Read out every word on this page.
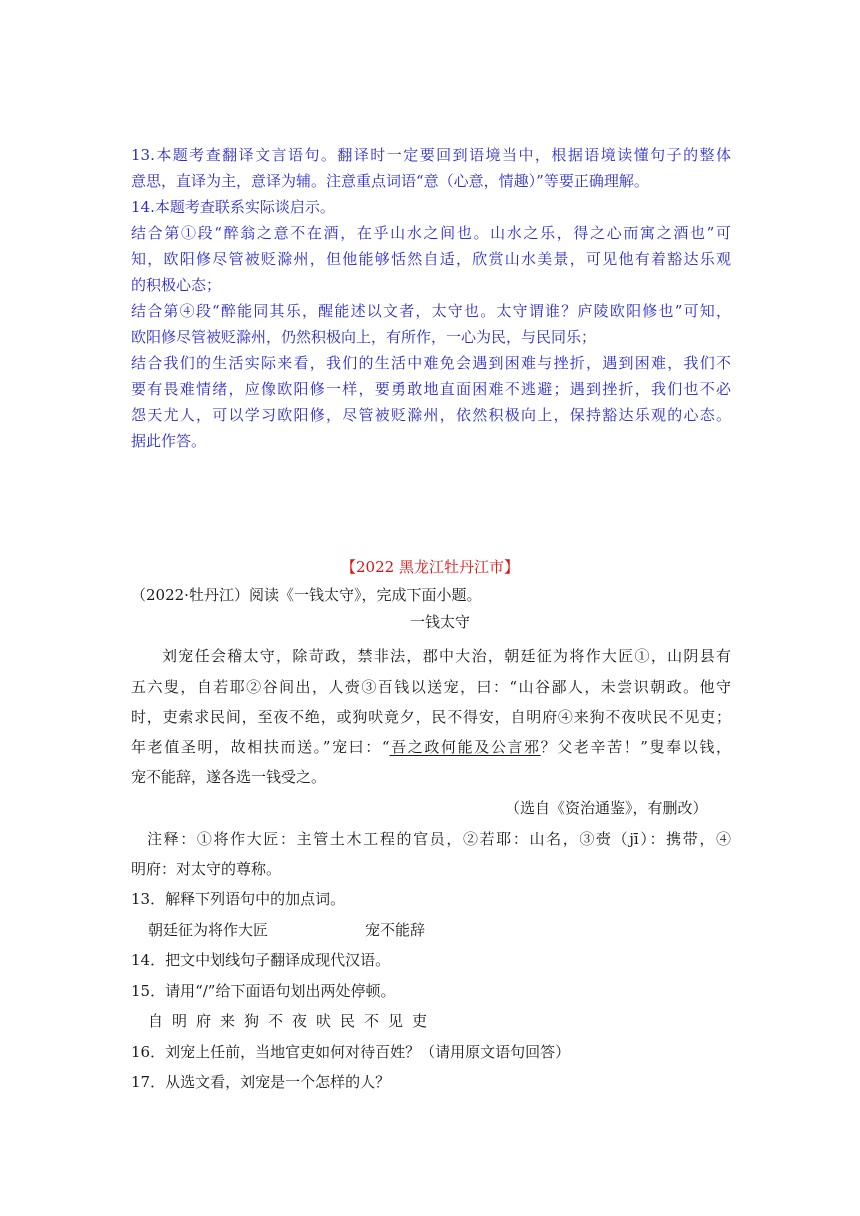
13.本题考查翻译文言语句。翻译时一定要回到语境当中，根据语境读懂句子的整体

意思，直译为主，意译为辅。注意重点词语“意（心意，情趣）”等要正确理解。

14.本题考查联系实际谈启示。

结合第①段“醉翁之意不在酒，在乎山水之间也。山水之乐，得之心而寓之酒也”可

知，欧阳修尽管被贬滁州，但他能够恬然自适，欣赏山水美景，可见他有着豁达乐观

的积极心态；

结合第④段“醉能同其乐，醒能述以文者，太守也。太守谓谁？庐陵欧阳修也”可知，

欧阳修尽管被贬滁州，仍然积极向上，有所作，一心为民，与民同乐；

结合我们的生活实际来看，我们的生活中难免会遇到困难与挫折，遇到困难，我们不

要有畏难情绪，应像欧阳修一样，要勇敢地直面困难不逃避；遇到挫折，我们也不必

怨天尤人，可以学习欧阳修，尽管被贬滁州，依然积极向上，保持豁达乐观的心态。

据此作答。

【2022 黑龙江牡丹江市】

（2022·牡丹江）阅读《一钱太守》，完成下面小题。

一钱太守

刘宠任会稽太守，除苛政，禁非法，郡中大治，朝廷征为将作大匠①，山阴县有

五六叟，自若耶②谷间出，人赍③百钱以送宠，曰：“山谷鄙人，未尝识朝政。他守

时，吏索求民间，至夜不绝，或狗吠竟夕，民不得安，自明府④来狗不夜吠民不见吏；

年老值圣明，故相扶而送。”宠曰：“吾之政何能及公言邪？父老辛苦！”叟奉以钱，

宠不能辞，遂各选一钱受之。

（选自《资治通鉴》，有删改）

注释：①将作大匠：主管土木工程的官员，②若耶：山名，③赍（jī）：携带，④

明府：对太守的尊称。

13．解释下列语句中的加点词。

朝廷征为将作大匠	宠不能辞

14．把文中划线句子翻译成现代汉语。

15．请用“/”给下面语句划出两处停顿。

自明府来狗不夜吠民不见吏

16．刘宠上任前，当地官吏如何对待百姓？（请用原文语句回答）

17．从选文看，刘宠是一个怎样的人？
